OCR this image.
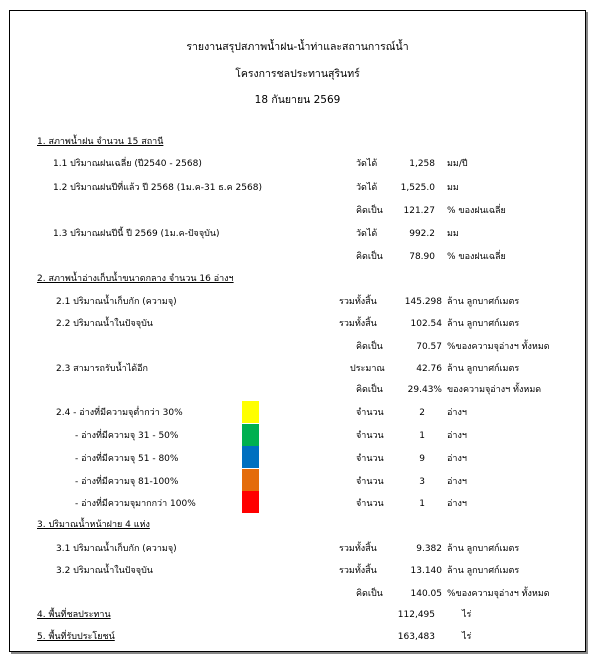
รายงานสรุปสภาพน้ำฝน-น้ำท่าและสถานการณ์น้ำ
โครงการชลประทานสุรินทร์
18 กันยายน 2569
1. สภาพน้ำฝน จำนวน 15 สถานี
1.1 ปริมาณฝนเฉลี่ย (ปี2540 - 2568)	วัดได้	1,258 มม/ปี
1.2 ปริมาณฝนปีที่แล้ว ปี 2568 (1ม.ค-31 ธ.ค 2568)	วัดได้	1,525.0 มม
คิดเป็น	121.27 % ของฝนเฉลี่ย
1.3 ปริมาณฝนปีนี้ ปี 2569 (1ม.ค-ปัจจุบัน)	วัดได้	992.2 มม
คิดเป็น	78.90 % ของฝนเฉลี่ย
2. สภาพน้ำอ่างเก็บน้ำขนาดกลาง จำนวน 16 อ่างฯ
2.1 ปริมาณน้ำเก็บกัก (ความจุ)	รวมทั้งสิ้น	145.298 ล้าน ลูกบาศก์เมตร
2.2 ปริมาณน้ำในปัจจุบัน	รวมทั้งสิ้น	102.54 ล้าน ลูกบาศก์เมตร
คิดเป็น	70.57 %ของความจุอ่างฯ ทั้งหมด
2.3 สามารถรับน้ำได้อีก	ประมาณ	42.76 ล้าน ลูกบาศก์เมตร
คิดเป็น	29.43% ของความจุอ่างฯ ทั้งหมด
2.4 - อ่างที่มีความจุต่ำกว่า 30%	จำนวน	2 อ่างฯ
- อ่างที่มีความจุ 31 - 50%	จำนวน	1 อ่างฯ
- อ่างที่มีความจุ 51 - 80%	จำนวน	9 อ่างฯ
- อ่างที่มีความจุ 81-100%	จำนวน	3 อ่างฯ
- อ่างที่มีความจุมากกว่า 100%	จำนวน	1 อ่างฯ
3. ปริมาณน้ำหน้าฝาย 4 แห่ง
3.1 ปริมาณน้ำเก็บกัก (ความจุ)	รวมทั้งสิ้น	9.382 ล้าน ลูกบาศก์เมตร
3.2 ปริมาณน้ำในปัจจุบัน	รวมทั้งสิ้น	13.140 ล้าน ลูกบาศก์เมตร
คิดเป็น	140.05 %ของความจุอ่างฯ ทั้งหมด
4. พื้นที่ชลประทาน	112,495	ไร่
5. พื้นที่รับประโยชน์	163,483	ไร่
